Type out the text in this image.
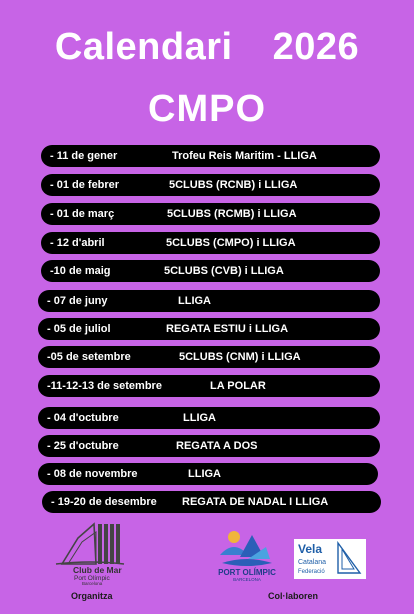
Calendari 2026
CMPO
- 11 de gener	Trofeu Reis Maritim - LLIGA
- 01 de febrer	5CLUBS (RCNB) i LLIGA
- 01 de març	5CLUBS (RCMB) i LLIGA
- 12 d'abril	5CLUBS (CMPO) i LLIGA
-10 de maig	5CLUBS (CVB) i LLIGA
- 07 de juny	LLIGA
- 05 de juliol	REGATA ESTIU i LLIGA
-05 de setembre	5CLUBS (CNM) i LLIGA
-11-12-13 de setembre	LA POLAR
- 04 d'octubre	LLIGA
- 25 d'octubre	REGATA A DOS
- 08 de novembre	LLIGA
- 19-20 de desembre REGATA DE NADAL I LLIGA
Club de Mar
Port Olímpic
Barcelona
PORT OLÍMPIC
BARCELONA
Vela
Catalana
Federació
Organitza	Col·laboren
